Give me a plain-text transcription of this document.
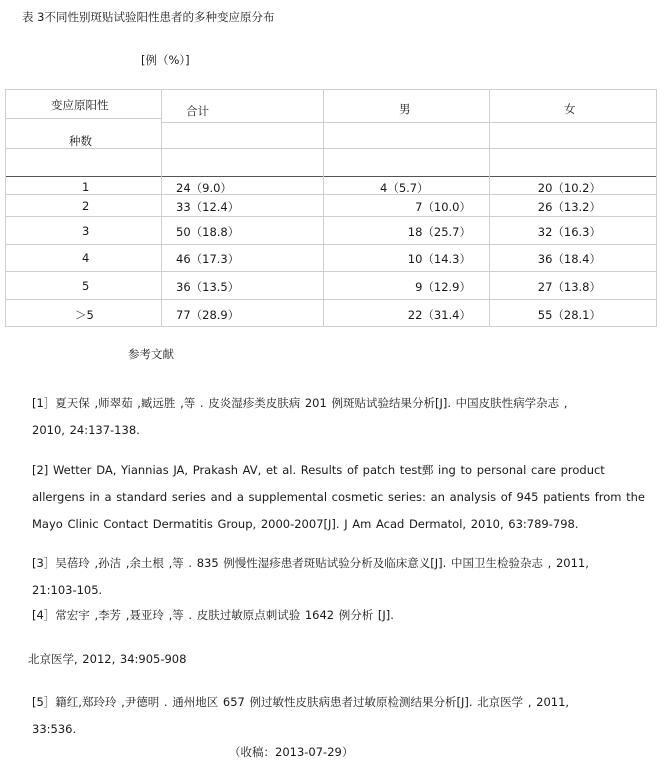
表 3不同性别斑贴试验阳性患者的多种变应原分布
[例（%）]
变应原阳性
种数
合计	男	女
1	24（9.0）	4（5.7）	20（10.2）
2	33（12.4）	7（10.0）	26（13.2）
3	50（18.8）	18（25.7）	32（16.3）
4	46（17.3）	10（14.3）	36（18.4）
5	36（13.5）	9（12.9）	27（13.8）
＞5	77（28.9）	22（31.4）	55（28.1）
参考文献
[1］夏天保 ,师翠茹 ,臧远胜 ,等 . 皮炎湿疹类皮肤病 201 例斑贴试验结果分析[J]. 中国皮肤性病学杂志 ,
2010, 24:137-138.
[2] Wetter DA, Yiannias JA, Prakash AV, et al. Results of patch test鄄 ing to personal care product
allergens in a standard series and a supplemental cosmetic series: an analysis of 945 patients from the
Mayo Clinic Contact Dermatitis Group, 2000-2007[J]. J Am Acad Dermatol, 2010, 63:789-798.
[3］吴蓓玲 ,孙洁 ,余土根 ,等 . 835 例慢性湿疹患者斑贴试验分析及临床意义[J]. 中国卫生检验杂志 , 2011,
21:103-105.
[4］常宏宇 ,李芳 ,聂亚玲 ,等 . 皮肤过敏原点刺试验 1642 例分析 [J].
北京医学, 2012, 34:905-908
[5］籍红,郑玲玲 ,尹德明 . 通州地区 657 例过敏性皮肤病患者过敏原检测结果分析[J]. 北京医学 , 2011,
33:536.
（收稿：2013-07-29）
